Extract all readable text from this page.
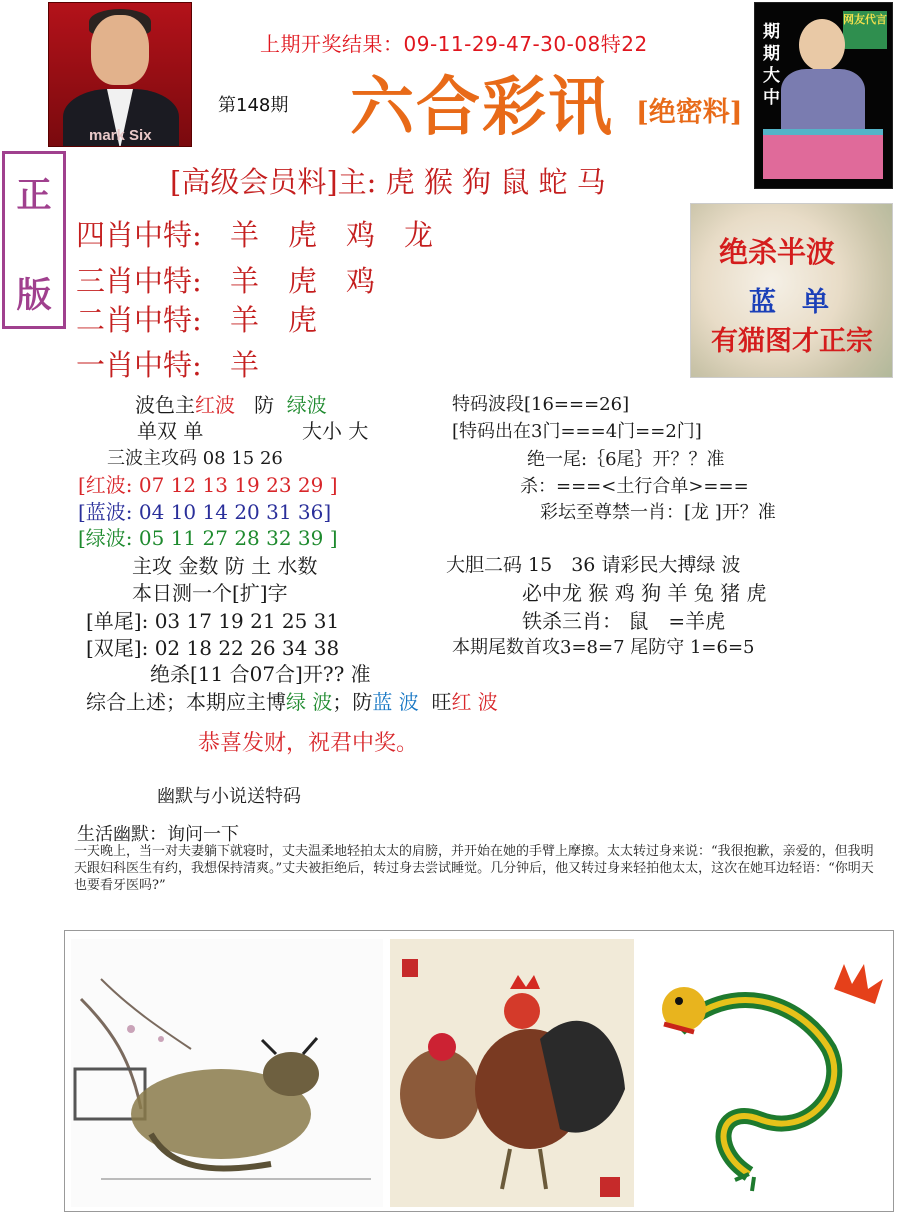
mark Six
期期大中
网友代言
上期开奖结果：09-11-29-47-30-08特22
第148期 六合彩讯 [绝密料]
正
版
[高级会员料]主: 虎 猴 狗 鼠 蛇 马
四肖中特: 羊　虎　鸡　龙
三肖中特: 羊　虎　鸡
二肖中特: 羊　虎
一肖中特: 羊
绝杀半波
蓝单
有猫图才正宗
波色主红波 防 绿波
单双 单	大小 大
三波主攻码 08 15 26
[红波: 07 12 13 19 23 29 ]
[蓝波: 04 10 14 20 31 36]
[绿波: 05 11 27 28 32 39 ]
主攻 金数 防 土 水数
本日测一个[扩]字
[单尾]: 03 17 19 21 25 31
[双尾]: 02 18 22 26 34 38
绝杀[11 合07合]开?? 准
综合上述；本期应主博绿 波；防蓝 波 旺红 波
恭喜发财，祝君中奖。
特码波段[16===26]
[特码出在3门===4门==2门]
绝一尾:｛6尾｝开？？准
杀：===<土行合单>===
彩坛至尊禁一肖：[龙 ]开？准
大胆二码 15　36 请彩民大搏绿 波
必中龙 猴 鸡 狗 羊 兔 猪 虎
铁杀三肖： 鼠　=羊虎
本期尾数首攻3=8=7 尾防守 1=6=5
幽默与小说送特码
生活幽默：询问一下
一天晚上，当一对夫妻躺下就寝时，丈夫温柔地轻拍太太的肩膀，并开始在她的手臂上摩擦。太太转过身来说：“我很抱歉，亲爱的，但我明天跟妇科医生有约，我想保持清爽。”丈夫被拒绝后，转过身去尝试睡觉。几分钟后，他又转过身来轻拍他太太，这次在她耳边轻语：“你明天也要看牙医吗?”
